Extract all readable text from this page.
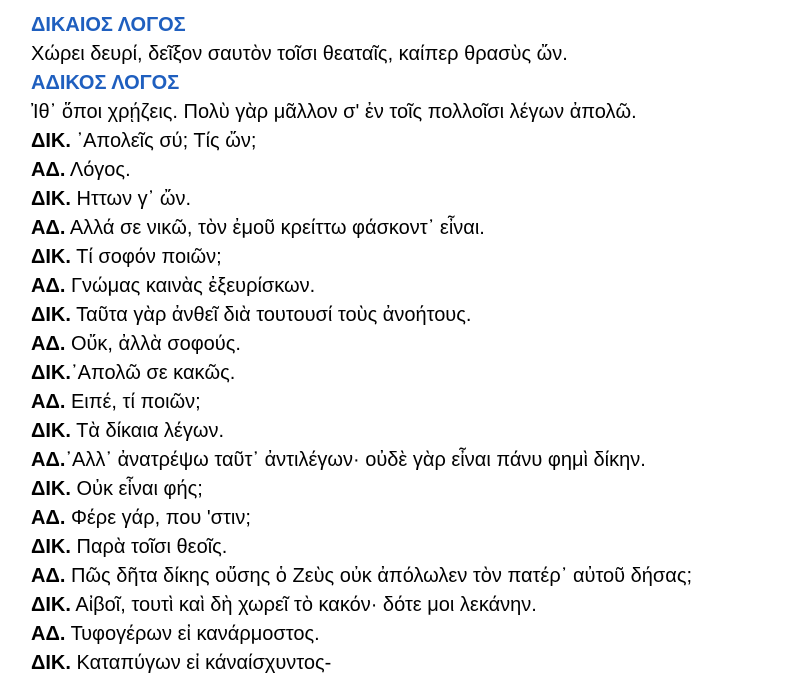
ΔΙΚΑΙΟΣ ΛΟΓΟΣ
Χώρει δευρί, δεῖξον σαυτὸν τοῖσι θεαταῖς, καίπερ θρασὺς ὤν.
ΑΔΙΚΟΣ ΛΟΓΟΣ
Ἰθ᾽ ὅποι χρῄζεις. Πολὺ γὰρ μᾶλλον σ' ἐν τοῖς πολλοῖσι λέγων ἀπολῶ.
ΔΙΚ. ᾿Απολεῖς σύ; Τίς ὤν;
ΑΔ. Λόγος.
ΔΙΚ. Ηττων γ᾽ ὤν.
ΑΔ. Αλλά σε νικῶ, τὸν ἐμοῦ κρείττω φάσκοντ᾽ εἶναι.
ΔΙΚ. Τί σοφόν ποιῶν;
ΑΔ. Γνώμας καινὰς ἐξευρίσκων.
ΔΙΚ. Ταῦτα γὰρ ἀνθεῖ διὰ τουτουσί τοὺς ἀνοήτους.
ΑΔ. Οὔκ, ἀλλὰ σοφούς.
ΔΙΚ.᾿Απολῶ σε κακῶς.
ΑΔ. Ειπέ, τί ποιῶν;
ΔΙΚ. Τὰ δίκαια λέγων.
ΑΔ.᾿Αλλ᾽ ἀνατρέψω ταῦτ᾽ ἀντιλέγων· οὐδὲ γὰρ εἶναι πάνυ φημὶ δίκην.
ΔΙΚ. Οὐκ εἶναι φής;
ΑΔ. Φέρε γάρ, που 'στιν;
ΔΙΚ. Παρὰ τοῖσι θεοῖς.
ΑΔ. Πῶς δῆτα δίκης οὔσης ὁ Ζεὺς οὐκ ἀπόλωλεν τὸν πατέρ᾽ αὐτοῦ δήσας;
ΔΙΚ. Αἰβοῖ, τουτὶ καὶ δὴ χωρεῖ τὸ κακόν· δότε μοι λεκάνην.
ΑΔ. Τυφογέρων εἰ κανάρμοστος.
ΔΙΚ. Καταπύγων εἰ κάναίσχυντος-
